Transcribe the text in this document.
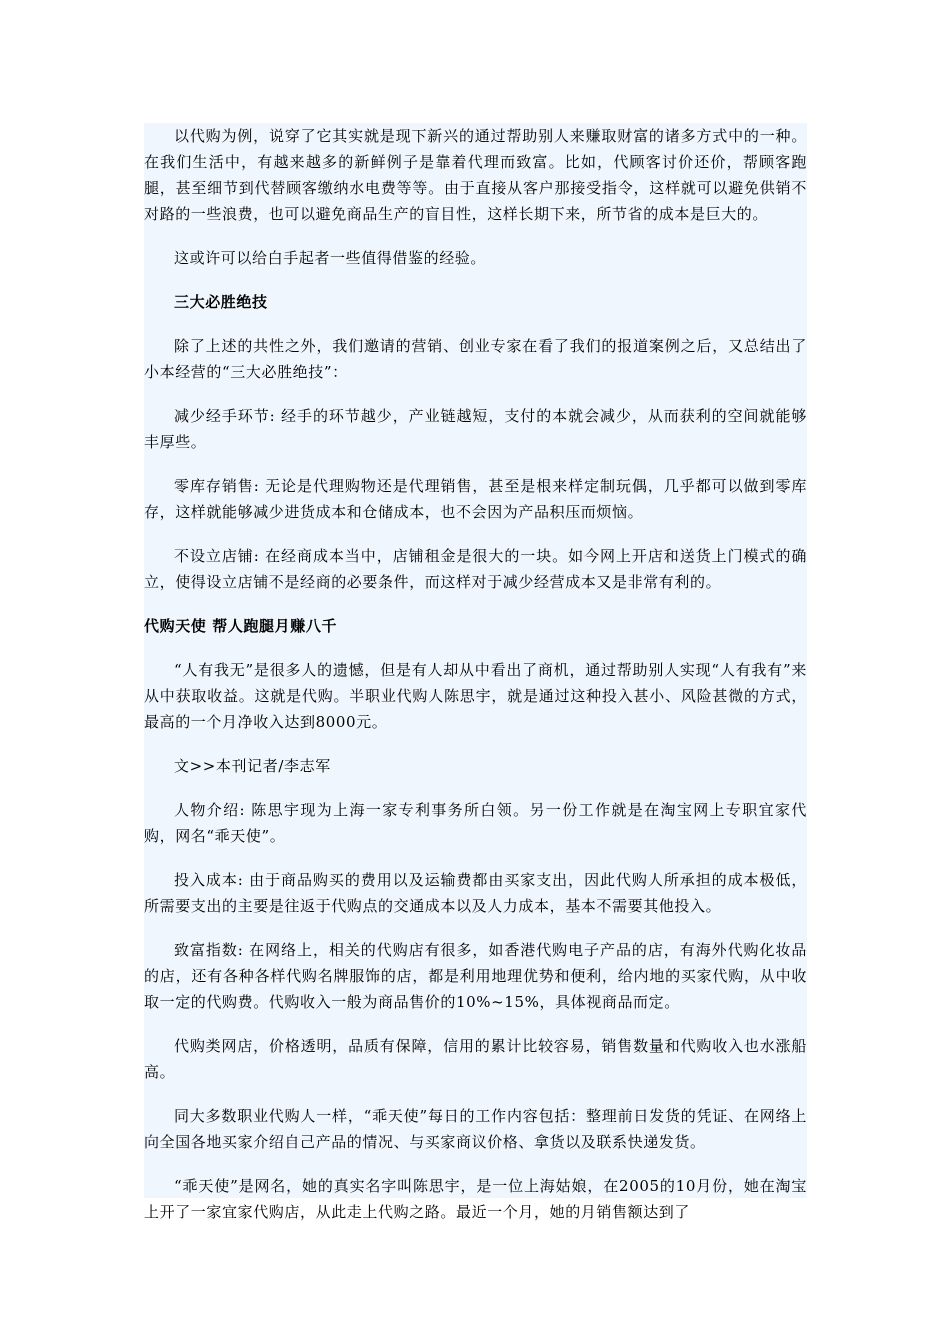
以代购为例，说穿了它其实就是现下新兴的通过帮助别人来赚取财富的诸多方式中的一种。在我们生活中，有越来越多的新鲜例子是靠着代理而致富。比如，代顾客讨价还价，帮顾客跑腿，甚至细节到代替顾客缴纳水电费等等。由于直接从客户那接受指令，这样就可以避免供销不对路的一些浪费，也可以避免商品生产的盲目性，这样长期下来，所节省的成本是巨大的。

这或许可以给白手起者一些值得借鉴的经验。

三大必胜绝技

除了上述的共性之外，我们邀请的营销、创业专家在看了我们的报道案例之后，又总结出了小本经营的“三大必胜绝技”：

减少经手环节: 经手的环节越少，产业链越短，支付的本就会减少，从而获利的空间就能够丰厚些。

零库存销售: 无论是代理购物还是代理销售，甚至是根来样定制玩偶，几乎都可以做到零库存，这样就能够减少进货成本和仓储成本，也不会因为产品积压而烦恼。

不设立店铺: 在经商成本当中，店铺租金是很大的一块。如今网上开店和送货上门模式的确立，使得设立店铺不是经商的必要条件，而这样对于减少经营成本又是非常有利的。

代购天使 帮人跑腿月赚八千

“人有我无”是很多人的遗憾，但是有人却从中看出了商机，通过帮助别人实现“人有我有”来从中获取收益。这就是代购。半职业代购人陈思宇，就是通过这种投入甚小、风险甚微的方式，最高的一个月净收入达到8000元。

文>>本刊记者/李志军

人物介绍: 陈思宇现为上海一家专利事务所白领。另一份工作就是在淘宝网上专职宜家代购，网名“乖天使”。

投入成本: 由于商品购买的费用以及运输费都由买家支出，因此代购人所承担的成本极低，所需要支出的主要是往返于代购点的交通成本以及人力成本，基本不需要其他投入。

致富指数: 在网络上，相关的代购店有很多，如香港代购电子产品的店，有海外代购化妆品的店，还有各种各样代购名牌服饰的店，都是利用地理优势和便利，给内地的买家代购，从中收取一定的代购费。代购收入一般为商品售价的10%~15%，具体视商品而定。

代购类网店，价格透明，品质有保障，信用的累计比较容易，销售数量和代购收入也水涨船高。

同大多数职业代购人一样，“乖天使”每日的工作内容包括：整理前日发货的凭证、在网络上向全国各地买家介绍自己产品的情况、与买家商议价格、拿货以及联系快递发货。

“乖天使”是网名，她的真实名字叫陈思宇，是一位上海姑娘，在2005的10月份，她在淘宝上开了一家宜家代购店，从此走上代购之路。最近一个月，她的月销售额达到了
